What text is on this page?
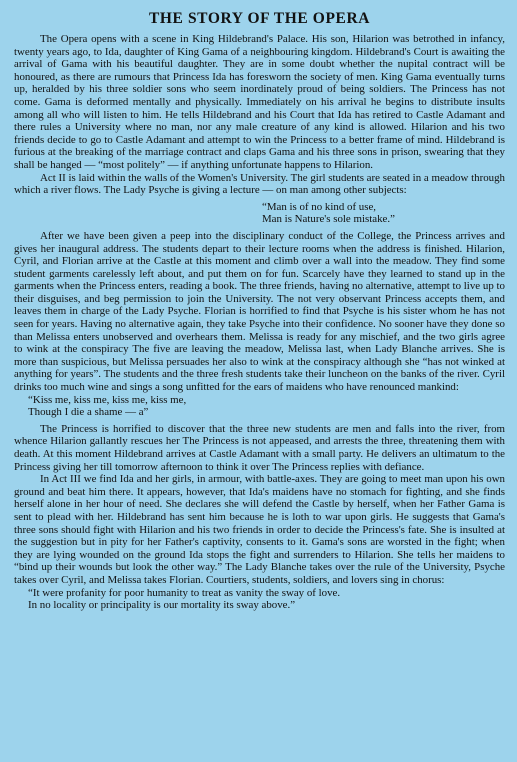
THE STORY OF THE OPERA

The Opera opens with a scene in King Hildebrand's Palace. His son, Hilarion was betrothed in infancy, twenty years ago, to Ida, daughter of King Gama of a neighbouring kingdom. Hildebrand's Court is awaiting the arrival of Gama with his beautiful daughter. They are in some doubt whether the nupital contract will be honoured, as there are rumours that Princess Ida has foresworn the society of men. King Gama eventually turns up, heralded by his three soldier sons who seem inordinately proud of being soldiers. The Princess has not come. Gama is deformed mentally and physically. Immediately on his arrival he begins to distribute insults among all who will listen to him. He tells Hildebrand and his Court that Ida has retired to Castle Adamant and there rules a University where no man, nor any male creature of any kind is allowed. Hilarion and his two friends decide to go to Castle Adamant and attempt to win the Princess to a better frame of mind. Hildebrand is furious at the breaking of the marriage contract and claps Gama and his three sons in prison, swearing that they shall be hanged — “most politely” — if anything unfortunate happens to Hilarion.

Act II is laid within the walls of the Women's University. The girl students are seated in a meadow through which a river flows. The Lady Psyche is giving a lecture — on man among other subjects:

“Man is of no kind of use,
Man is Nature's sole mistake.”

After we have been given a peep into the disciplinary conduct of the College, the Princess arrives and gives her inaugural address. The students depart to their lecture rooms when the address is finished. Hilarion, Cyril, and Florian arrive at the Castle at this moment and climb over a wall into the meadow. They find some student garments carelessly left about, and put them on for fun. Scarcely have they learned to stand up in the garments when the Princess enters, reading a book. The three friends, having no alternative, attempt to live up to their disguises, and beg permission to join the University. The not very observant Princess accepts them, and leaves them in charge of the Lady Psyche. Florian is horrified to find that Psyche is his sister whom he has not seen for years. Having no alternative again, they take Psyche into their confidence. No sooner have they done so than Melissa enters unobserved and overhears them. Melissa is ready for any mischief, and the two girls agree to wink at the conspiracy The five are leaving the meadow, Melissa last, when Lady Blanche arrives. She is more than suspicious, but Melissa persuades her also to wink at the conspiracy although she “has not winked at anything for years”. The students and the three fresh students take their luncheon on the banks of the river. Cyril drinks too much wine and sings a song unfitted for the ears of maidens who have renounced mankind:

“Kiss me, kiss me, kiss me, kiss me,
Though I die a shame — a”

The Princess is horrified to discover that the three new students are men and falls into the river, from whence Hilarion gallantly rescues her The Princess is not appeased, and arrests the three, threatening them with death. At this moment Hildebrand arrives at Castle Adamant with a small party. He delivers an ultimatum to the Princess giving her till tomorrow afternoon to think it over The Princess replies with defiance.

In Act III we find Ida and her girls, in armour, with battle-axes. They are going to meet man upon his own ground and beat him there. It appears, however, that Ida's maidens have no stomach for fighting, and she finds herself alone in her hour of need. She declares she will defend the Castle by herself, when her Father Gama is sent to plead with her. Hildebrand has sent him because he is loth to war upon girls. He suggests that Gama's three sons should fight with Hilarion and his two friends in order to decide the Princess's fate. She is insulted at the suggestion but in pity for her Father's captivity, consents to it. Gama's sons are worsted in the fight; when they are lying wounded on the ground Ida stops the fight and surrenders to Hilarion. She tells her maidens to “bind up their wounds but look the other way.” The Lady Blanche takes over the rule of the University, Psyche takes over Cyril, and Melissa takes Florian. Courtiers, students, soldiers, and lovers sing in chorus:

“It were profanity for poor humanity to treat as vanity the sway of love.
In no locality or principality is our mortality its sway above.”
